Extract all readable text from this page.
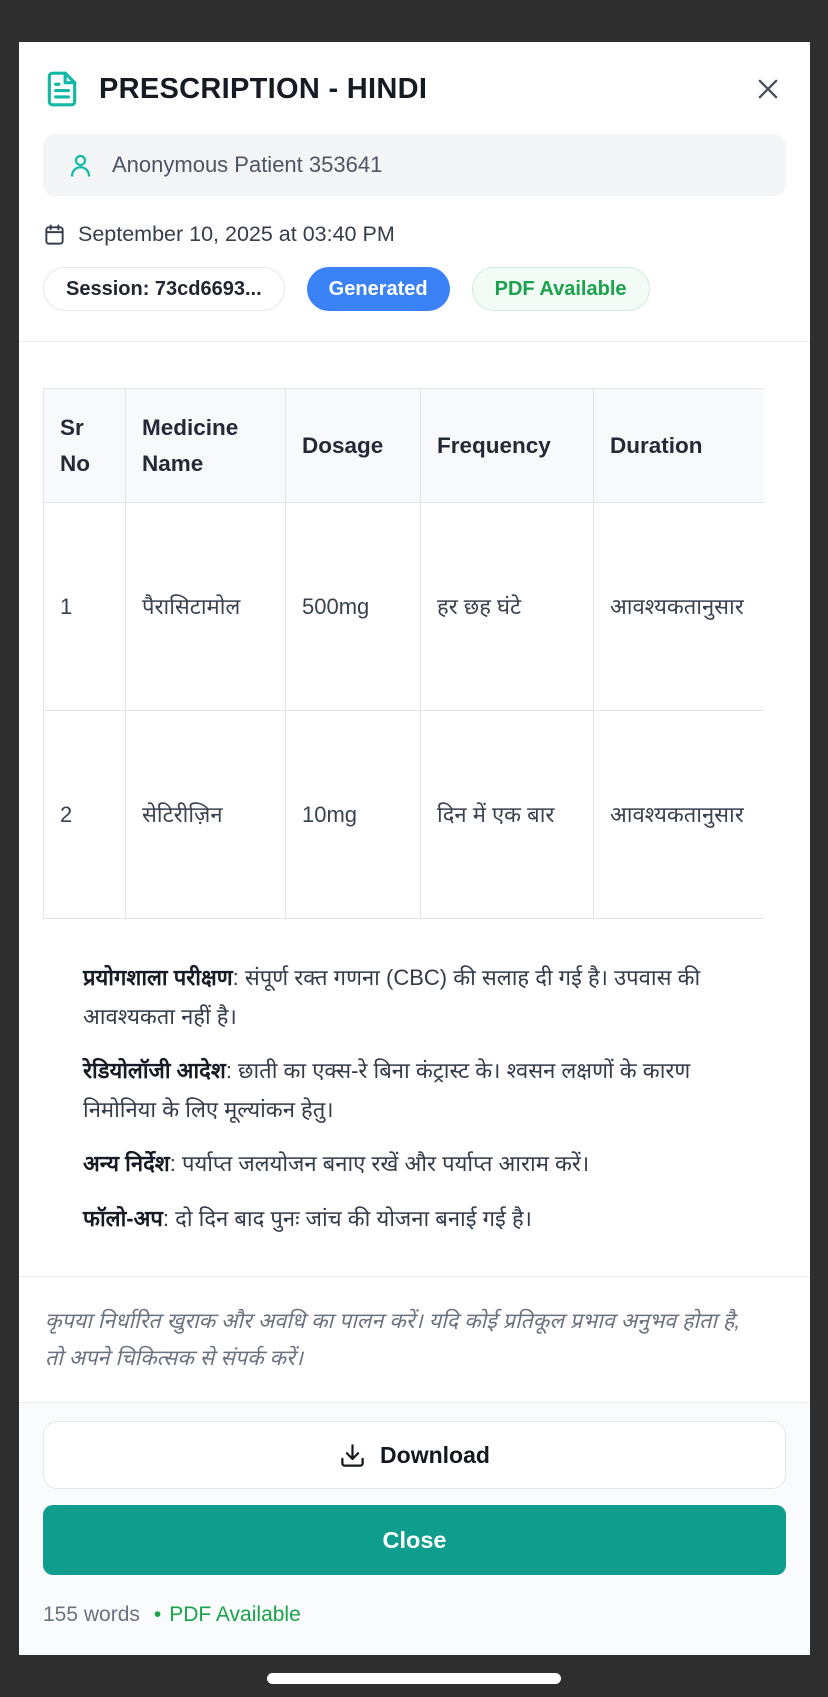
PRESCRIPTION - HINDI
Anonymous Patient 353641
September 10, 2025 at 03:40 PM
Session: 73cd6693...	Generated	PDF Available
Sr No	Medicine Name	Dosage	Frequency	Duration
1	पैरासिटामोल	500mg	हर छह घंटे	आवश्यकतानुसार
2	सेटिरीज़िन	10mg	दिन में एक बार	आवश्यकतानुसार

प्रयोगशाला परीक्षण: संपूर्ण रक्त गणना (CBC) की सलाह दी गई है। उपवास की आवश्यकता नहीं है।

रेडियोलॉजी आदेश: छाती का एक्स-रे बिना कंट्रास्ट के। श्वसन लक्षणों के कारण निमोनिया के लिए मूल्यांकन हेतु।

अन्य निर्देश: पर्याप्त जलयोजन बनाए रखें और पर्याप्त आराम करें।

फॉलो-अप: दो दिन बाद पुनः जांच की योजना बनाई गई है।

कृपया निर्धारित खुराक और अवधि का पालन करें। यदि कोई प्रतिकूल प्रभाव अनुभव होता है, तो अपने चिकित्सक से संपर्क करें।
Download
Close
155 words • PDF Available
